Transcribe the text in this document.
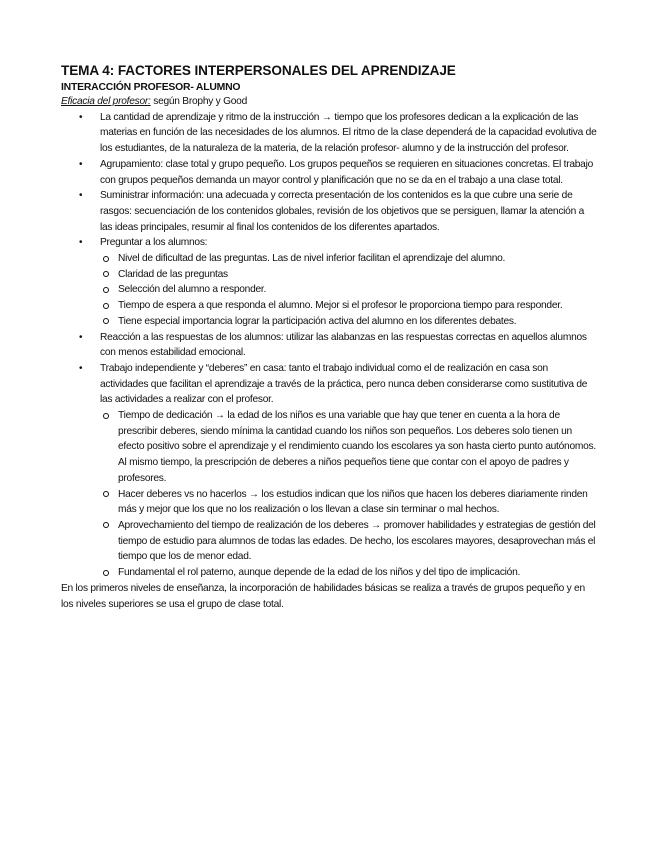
TEMA 4: FACTORES INTERPERSONALES DEL APRENDIZAJE
INTERACCIÓN PROFESOR- ALUMNO

Eficacia del profesor: según Brophy y Good

• La cantidad de aprendizaje y ritmo de la instrucción → tiempo que los profesores dedican a la explicación de las materias en función de las necesidades de los alumnos. El ritmo de la clase dependerá de la capacidad evolutiva de los estudiantes, de la naturaleza de la materia, de la relación profesor- alumno y de la instrucción del profesor.
• Agrupamiento: clase total y grupo pequeño. Los grupos pequeños se requieren en situaciones concretas. El trabajo con grupos pequeños demanda un mayor control y planificación que no se da en el trabajo a una clase total.
• Suministrar información: una adecuada y correcta presentación de los contenidos es la que cubre una serie de rasgos: secuenciación de los contenidos globales, revisión de los objetivos que se persiguen, llamar la atención a las ideas principales, resumir al final los contenidos de los diferentes apartados.
• Preguntar a los alumnos:
Nivel de dificultad de las preguntas. Las de nivel inferior facilitan el aprendizaje del alumno.
Claridad de las preguntas
Selección del alumno a responder.
Tiempo de espera a que responda el alumno. Mejor si el profesor le proporciona tiempo para responder.
Tiene especial importancia lograr la participación activa del alumno en los diferentes debates.
• Reacción a las respuestas de los alumnos: utilizar las alabanzas en las respuestas correctas en aquellos alumnos con menos estabilidad emocional.
• Trabajo independiente y “deberes” en casa: tanto el trabajo individual como el de realización en casa son actividades que facilitan el aprendizaje a través de la práctica, pero nunca deben considerarse como sustitutiva de las actividades a realizar con el profesor.
Tiempo de dedicación → la edad de los niños es una variable que hay que tener en cuenta a la hora de prescribir deberes, siendo mínima la cantidad cuando los niños son pequeños. Los deberes solo tienen un efecto positivo sobre el aprendizaje y el rendimiento cuando los escolares ya son hasta cierto punto autónomos. Al mismo tiempo, la prescripción de deberes a niños pequeños tiene que contar con el apoyo de padres y profesores.
Hacer deberes vs no hacerlos → los estudios indican que los niños que hacen los deberes diariamente rinden más y mejor que los que no los realización o los llevan a clase sin terminar o mal hechos.
Aprovechamiento del tiempo de realización de los deberes → promover habilidades y estrategias de gestión del tiempo de estudio para alumnos de todas las edades. De hecho, los escolares mayores, desaprovechan más el tiempo que los de menor edad.
Fundamental el rol paterno, aunque depende de la edad de los niños y del tipo de implicación.

En los primeros niveles de enseñanza, la incorporación de habilidades básicas se realiza a través de grupos pequeño y en los niveles superiores se usa el grupo de clase total.
